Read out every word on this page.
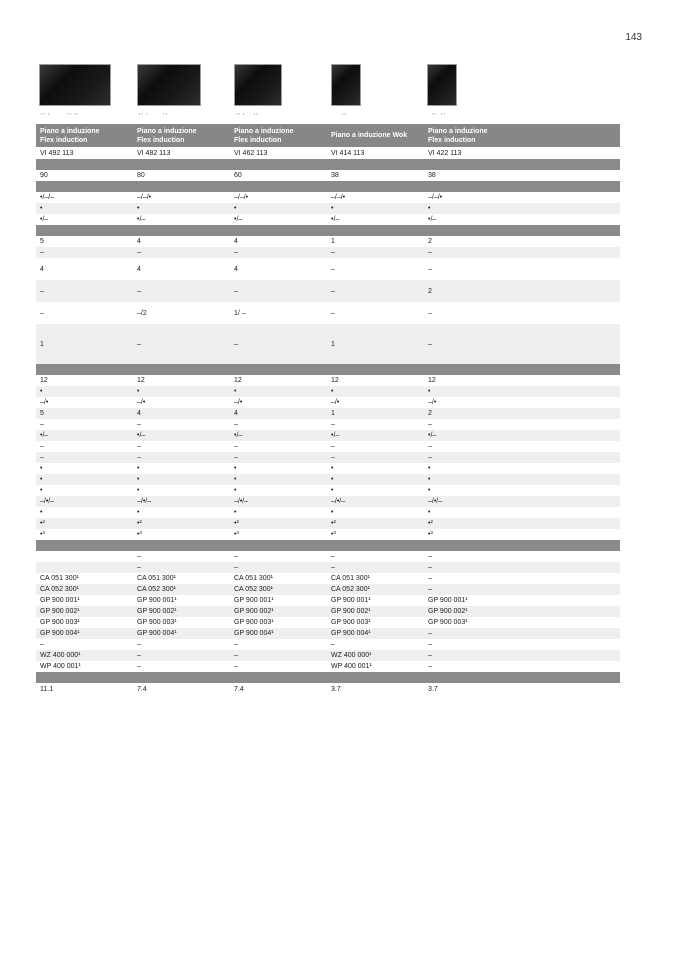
143
▪▪ ▪        ▪▪ ▪▪	▪▪ ▪       ▪▪	▪▪ ▪    ▪▪	▪▪	▪▪  ▪▪
Piano a induzione
Flex induction	Piano a induzione
Flex induction	Piano a induzione
Flex induction	Piano a induzione Wok	Piano a induzione
Flex induction
VI 492 113	VI 482 113	VI 462 113	VI 414 113	VI 422 113

90	80	60	38	38

•/–/–	–/–/•	–/–/•	–/–/•	–/–/•
•	•	•	•	•
•/–	•/–	•/–	•/–	•/–

5	4	4	1	2
–	–	–	–	–
4	4	4	–	–
–	–	–	–	2
–	–/2	1/ –	–	–
1	–	–	1	–

12	12	12	12	12
•	•	•	•	•
–/•	–/•	–/•	–/•	–/•
5	4	4	1	2
–	–	–	–	–
•/–	•/–	•/–	•/–	•/–
–	–	–	–	–
–	–	–	–	–
•	•	•	•	•
•	•	•	•	•
•	•	•	•	•
–/•/–	–/•/–	–/•/–	–/•/–	–/•/–
•	•	•	•	•
•²	•²	•²	•²	•²
•³	•³	•³	•³	•³

	–	–	–	–
	–	–	–	–
CA 051 300¹	CA 051 300¹	CA 051 300¹	CA 051 300¹	–
CA 052 300¹	CA 052 300¹	CA 052 300¹	CA 052 300¹	–
GP 900 001¹	GP 900 001¹	GP 900 001¹	GP 900 001¹	GP 900 001¹
GP 900 002¹	GP 900 002¹	GP 900 002¹	GP 900 002¹	GP 900 002¹
GP 900 003¹	GP 900 003¹	GP 900 003¹	GP 900 003¹	GP 900 003¹
GP 900 004¹	GP 900 004¹	GP 900 004¹	GP 900 004¹	–
–	–	–	–	–
WZ 400 000¹	–	–	WZ 400 000¹	–
WP 400 001¹	–	–	WP 400 001¹	–

11.1	7.4	7.4	3.7	3.7
